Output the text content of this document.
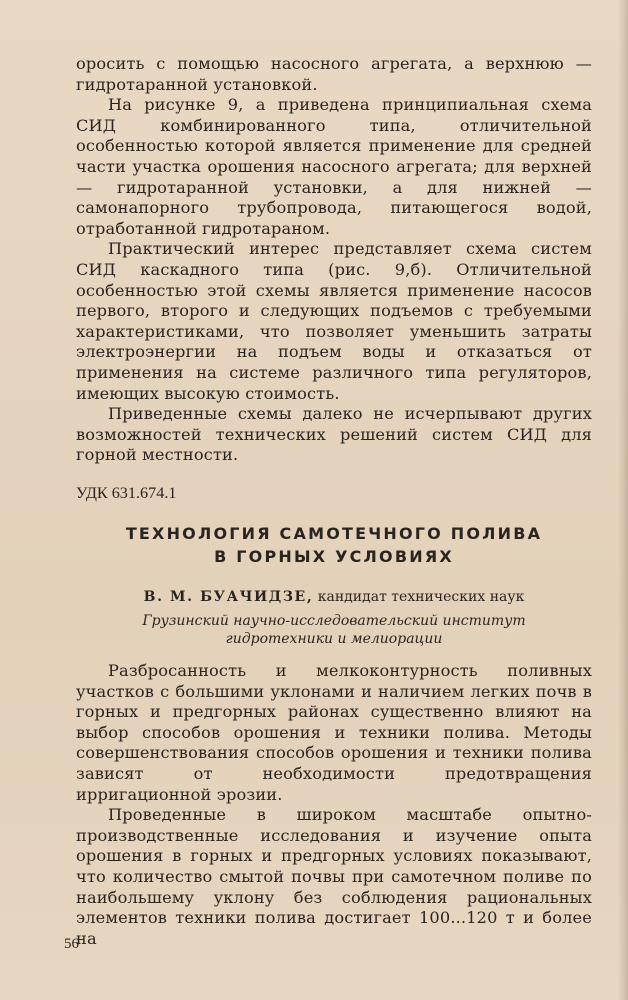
оросить с помощью насосного агрегата, а верхнюю — гидротаранной установкой.

На рисунке 9, а приведена принципиальная схема СИД комбинированного типа, отличительной особенностью которой является применение для средней части участка орошения насосного агрегата; для верхней — гидротаранной установки, а для нижней — самонапорного трубопровода, питающегося водой, отработанной гидротараном.

Практический интерес представляет схема систем СИД каскадного типа (рис. 9,б). Отличительной особенностью этой схемы является применение насосов первого, второго и следующих подъемов с требуемыми характеристиками, что позволяет уменьшить затраты электроэнергии на подъем воды и отказаться от применения на системе различного типа регуляторов, имеющих высокую стоимость.

Приведенные схемы далеко не исчерпывают других возможностей технических решений систем СИД для горной местности.

УДК 631.674.1
ТЕХНОЛОГИЯ САМОТЕЧНОГО ПОЛИВА
В ГОРНЫХ УСЛОВИЯХ
В. М. БУАЧИДЗЕ, кандидат технических наук
Грузинский научно-исследовательский институт
гидротехники и мелиорации

Разбросанность и мелкоконтурность поливных участков с большими уклонами и наличием легких почв в горных и предгорных районах существенно влияют на выбор способов орошения и техники полива. Методы совершенствования способов орошения и техники полива зависят от необходимости предотвращения ирригационной эрозии.

Проведенные в широком масштабе опытно-производственные исследования и изучение опыта орошения в горных и предгорных условиях показывают, что количество смытой почвы при самотечном поливе по наибольшему уклону без соблюдения рациональных элементов техники полива достигает 100...120 т и более на

56
